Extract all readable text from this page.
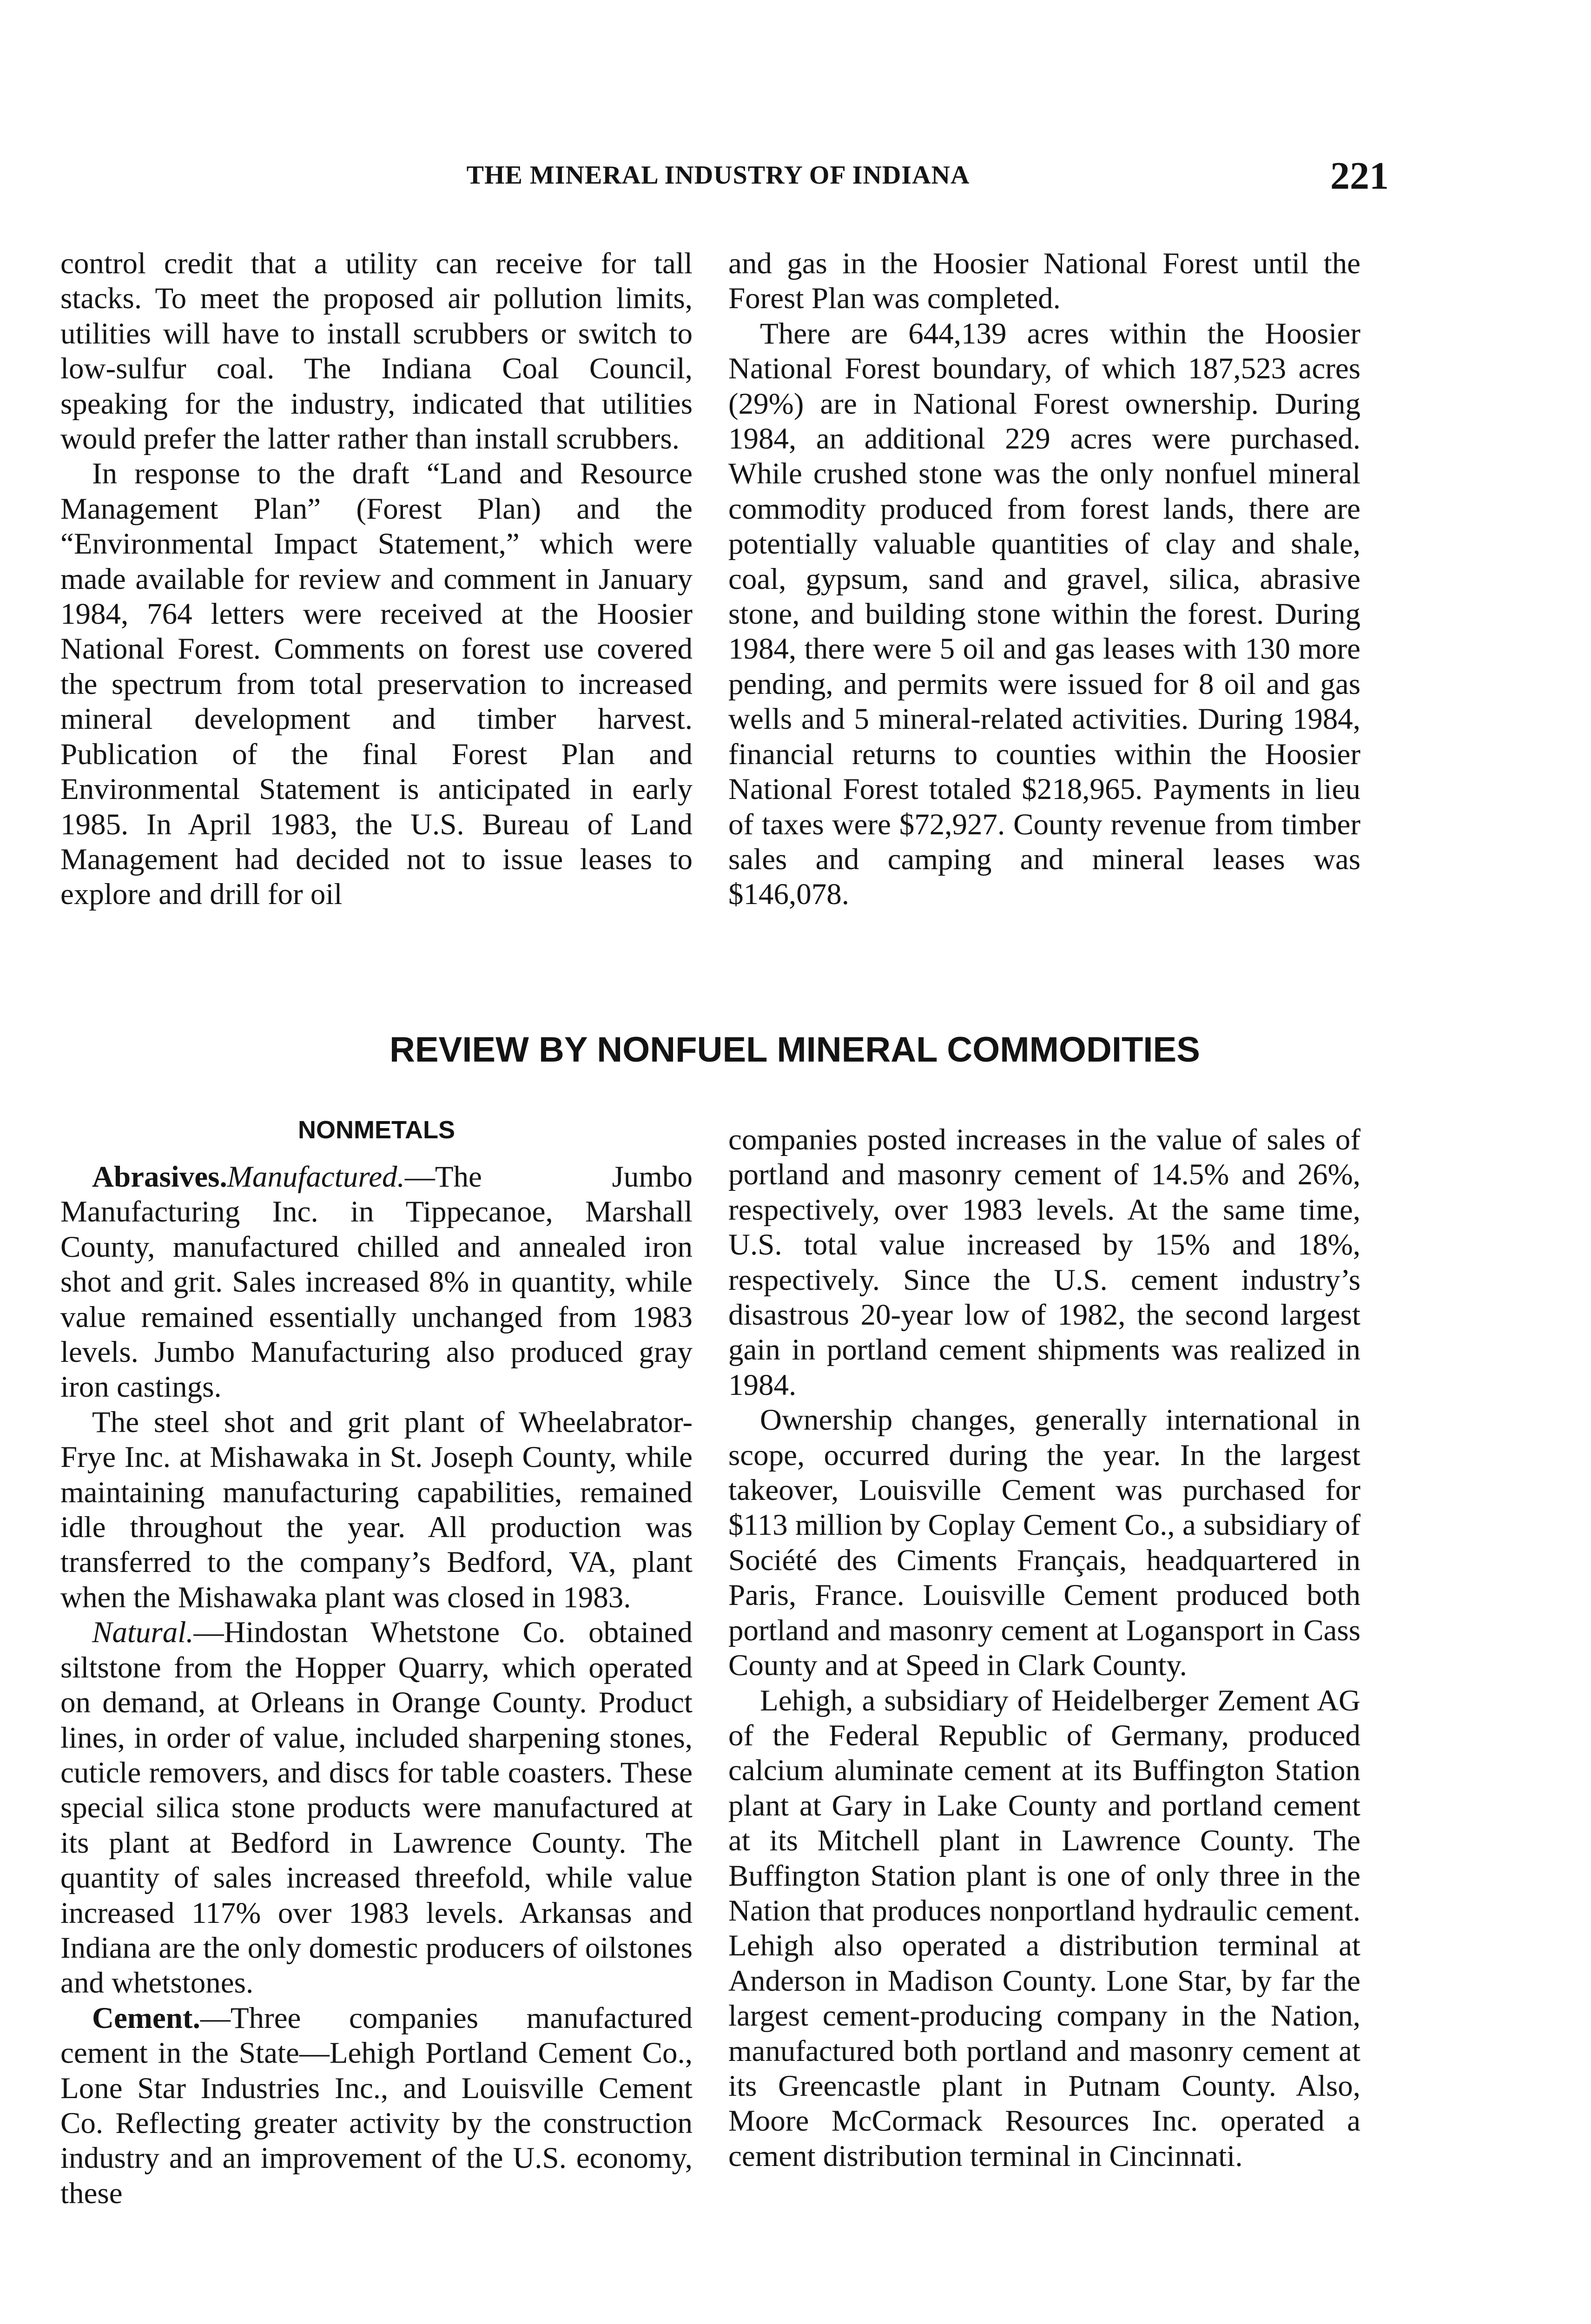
THE MINERAL INDUSTRY OF INDIANA	221

control credit that a utility can receive for tall stacks. To meet the proposed air pollution limits, utilities will have to install scrubbers or switch to low-sulfur coal. The Indiana Coal Council, speaking for the industry, indicated that utilities would prefer the latter rather than install scrubbers.

In response to the draft “Land and Resource Management Plan” (Forest Plan) and the “Environmental Impact Statement,” which were made available for review and comment in January 1984, 764 letters were received at the Hoosier National Forest. Comments on forest use covered the spectrum from total preservation to increased mineral development and timber harvest. Publication of the final Forest Plan and Environmental Statement is anticipated in early 1985. In April 1983, the U.S. Bureau of Land Management had decided not to issue leases to explore and drill for oil

and gas in the Hoosier National Forest until the Forest Plan was completed.

There are 644,139 acres within the Hoosier National Forest boundary, of which 187,523 acres (29%) are in National Forest ownership. During 1984, an additional 229 acres were purchased. While crushed stone was the only nonfuel mineral commodity produced from forest lands, there are potentially valuable quantities of clay and shale, coal, gypsum, sand and gravel, silica, abrasive stone, and building stone within the forest. During 1984, there were 5 oil and gas leases with 130 more pending, and permits were issued for 8 oil and gas wells and 5 mineral-related activities. During 1984, financial returns to counties within the Hoosier National Forest totaled $218,965. Payments in lieu of taxes were $72,927. County revenue from timber sales and camping and mineral leases was $146,078.

REVIEW BY NONFUEL MINERAL COMMODITIES
NONMETALS

Abrasives.Manufactured.—The Jumbo Manufacturing Inc. in Tippecanoe, Marshall County, manufactured chilled and annealed iron shot and grit. Sales increased 8% in quantity, while value remained essentially unchanged from 1983 levels. Jumbo Manufacturing also produced gray iron castings.

The steel shot and grit plant of Wheelabrator-Frye Inc. at Mishawaka in St. Joseph County, while maintaining manufacturing capabilities, remained idle throughout the year. All production was transferred to the company’s Bedford, VA, plant when the Mishawaka plant was closed in 1983.

Natural.—Hindostan Whetstone Co. obtained siltstone from the Hopper Quarry, which operated on demand, at Orleans in Orange County. Product lines, in order of value, included sharpening stones, cuticle removers, and discs for table coasters. These special silica stone products were manufactured at its plant at Bedford in Lawrence County. The quantity of sales increased threefold, while value increased 117% over 1983 levels. Arkansas and Indiana are the only domestic producers of oilstones and whetstones.

Cement.—Three companies manufactured cement in the State—Lehigh Portland Cement Co., Lone Star Industries Inc., and Louisville Cement Co. Reflecting greater activity by the construction industry and an improvement of the U.S. economy, these

companies posted increases in the value of sales of portland and masonry cement of 14.5% and 26%, respectively, over 1983 levels. At the same time, U.S. total value increased by 15% and 18%, respectively. Since the U.S. cement industry’s disastrous 20-year low of 1982, the second largest gain in portland cement shipments was realized in 1984.

Ownership changes, generally international in scope, occurred during the year. In the largest takeover, Louisville Cement was purchased for $113 million by Coplay Cement Co., a subsidiary of Société des Ciments Français, headquartered in Paris, France. Louisville Cement produced both portland and masonry cement at Logansport in Cass County and at Speed in Clark County.

Lehigh, a subsidiary of Heidelberger Zement AG of the Federal Republic of Germany, produced calcium aluminate cement at its Buffington Station plant at Gary in Lake County and portland cement at its Mitchell plant in Lawrence County. The Buffington Station plant is one of only three in the Nation that produces nonportland hydraulic cement. Lehigh also operated a distribution terminal at Anderson in Madison County. Lone Star, by far the largest cement-producing company in the Nation, manufactured both portland and masonry cement at its Greencastle plant in Putnam County. Also, Moore McCormack Resources Inc. operated a cement distribution terminal in Cincinnati.
